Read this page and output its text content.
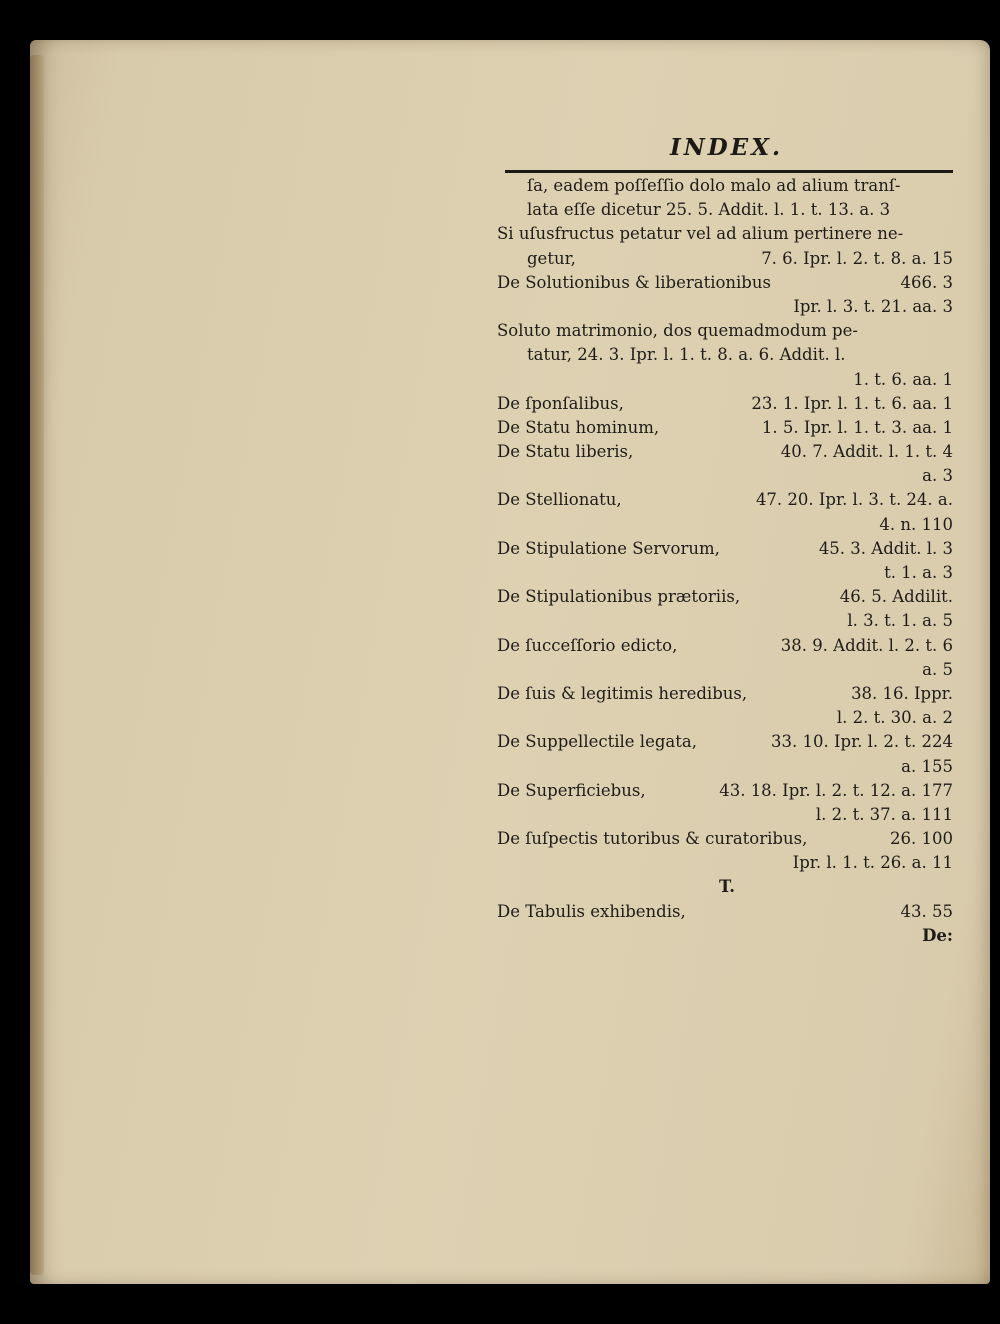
INDEX.
ſa, eadem poſſeſſio dolo malo ad alium tranſ-
lata eſſe dicetur 25. 5. Addit. l. 1. t. 13. a. 3
Si uſusfructus petatur vel ad alium pertinere ne-
getur,	7. 6. Ipr. l. 2. t. 8. a. 15
De Solutionibus & liberationibus	466. 3
Ipr. l. 3. t. 21. aa. 3
Soluto matrimonio, dos quemadmodum pe-
tatur, 24. 3. Ipr. l. 1. t. 8. a. 6. Addit. l.
1. t. 6. aa. 1
De ſponſalibus,	23. 1. Ipr. l. 1. t. 6. aa. 1
De Statu hominum,	1. 5. Ipr. l. 1. t. 3. aa. 1
De Statu liberis,	40. 7. Addit. l. 1. t. 4
a. 3
De Stellionatu,	47. 20. Ipr. l. 3. t. 24. a.
4. n. 110
De Stipulatione Servorum,	45. 3. Addit. l. 3
t. 1. a. 3
De Stipulationibus prætoriis,	46. 5. Addilit.
l. 3. t. 1. a. 5
De ſucceſſorio edicto,	38. 9. Addit. l. 2. t. 6
a. 5
De ſuis & legitimis heredibus,	38. 16. Ippr.
l. 2. t. 30. a. 2
De Suppellectile legata,	33. 10. Ipr. l. 2. t. 224
a. 155
De Superficiebus,	43. 18. Ipr. l. 2. t. 12. a. 177
l. 2. t. 37. a. 111
De ſuſpectis tutoribus & curatoribus,	26. 100
Ipr. l. 1. t. 26. a. 11
T.
De Tabulis exhibendis,	43. 55
De:
